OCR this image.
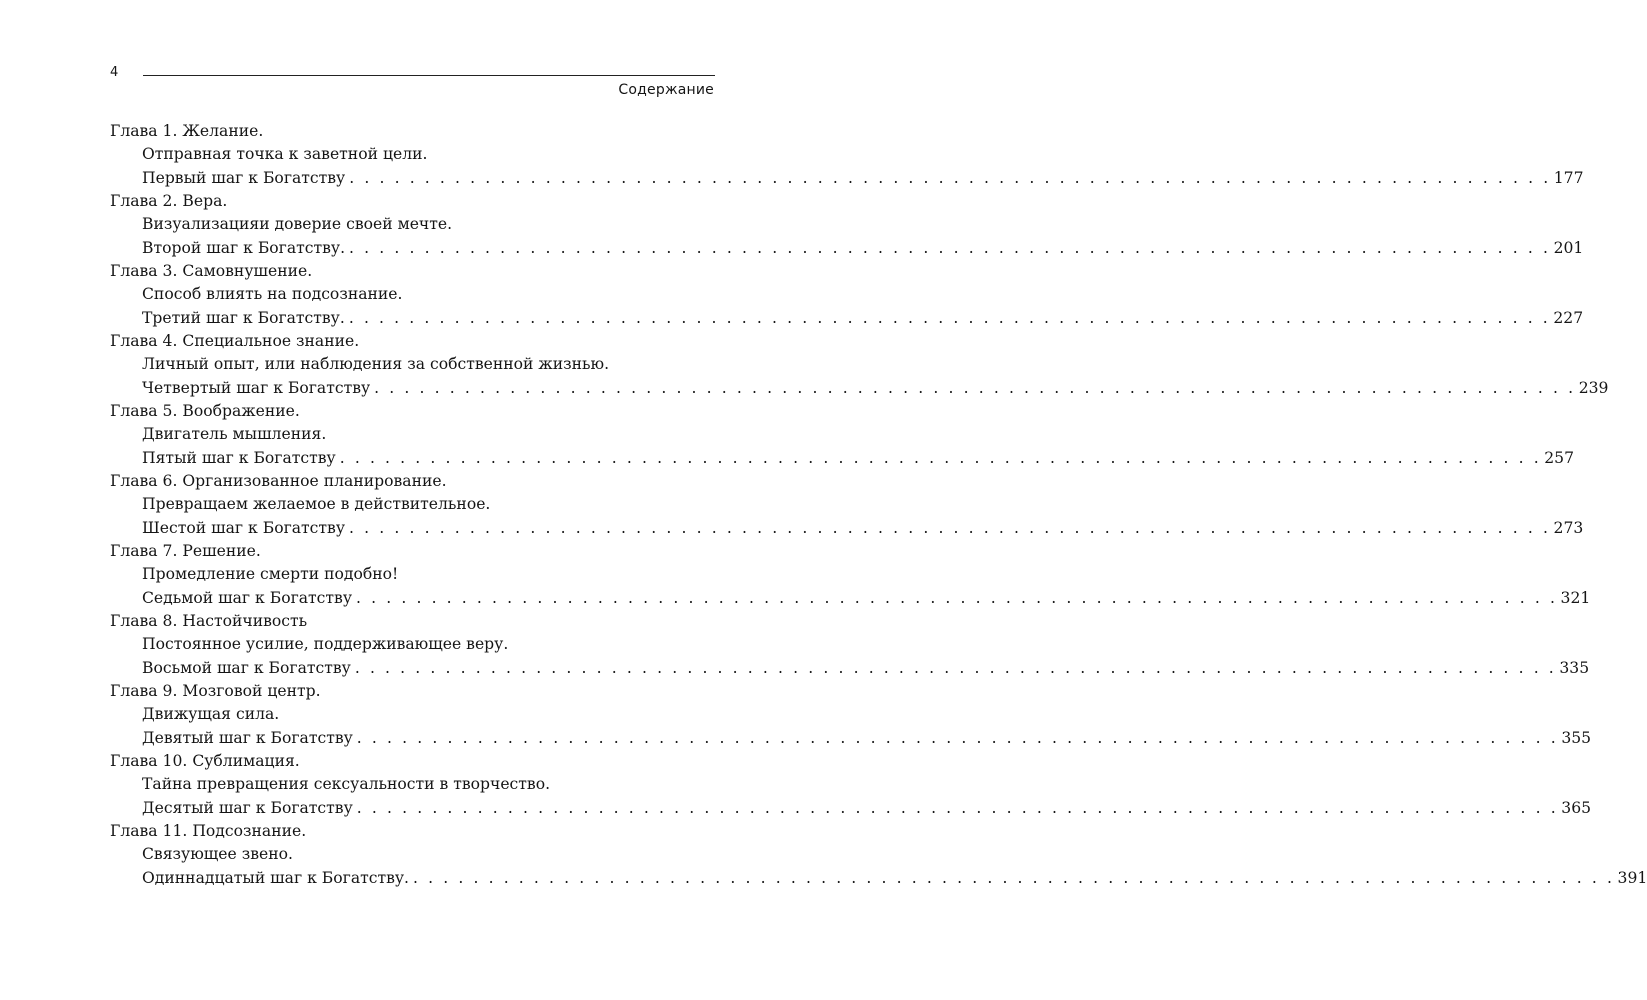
4
Содержание
Глава 1. Желание.
Отправная точка к заветной цели.
Первый шаг к Богатству . . . . . . . . . . . . . . . . . . . . . . . . . . . . . . . . . . . . . . . . . . . . . . . . . . . . . . . . . . . . . . . . . . . . . . . . . . . . . . . . 177
Глава 2. Вера.
Визуализацияи доверие своей мечте.
Второй шаг к Богатству. . . . . . . . . . . . . . . . . . . . . . . . . . . . . . . . . . . . . . . . . . . . . . . . . . . . . . . . . . . . . . . . . . . . . . . . . . . . . . . . . 201
Глава 3. Самовнушение.
Способ влиять на подсознание.
Третий шаг к Богатству. . . . . . . . . . . . . . . . . . . . . . . . . . . . . . . . . . . . . . . . . . . . . . . . . . . . . . . . . . . . . . . . . . . . . . . . . . . . . . . . . 227
Глава 4. Специальное знание.
Личный опыт, или наблюдения за собственной жизнью.
Четвертый шаг к Богатству . . . . . . . . . . . . . . . . . . . . . . . . . . . . . . . . . . . . . . . . . . . . . . . . . . . . . . . . . . . . . . . . . . . . . . . . . . . . . . . . 239
Глава 5. Воображение.
Двигатель мышления.
Пятый шаг к Богатству . . . . . . . . . . . . . . . . . . . . . . . . . . . . . . . . . . . . . . . . . . . . . . . . . . . . . . . . . . . . . . . . . . . . . . . . . . . . . . . . 257
Глава 6. Организованное планирование.
Превращаем желаемое в действительное.
Шестой шаг к Богатству . . . . . . . . . . . . . . . . . . . . . . . . . . . . . . . . . . . . . . . . . . . . . . . . . . . . . . . . . . . . . . . . . . . . . . . . . . . . . . . . 273
Глава 7. Решение.
Промедление смерти подобно!
Седьмой шаг к Богатству . . . . . . . . . . . . . . . . . . . . . . . . . . . . . . . . . . . . . . . . . . . . . . . . . . . . . . . . . . . . . . . . . . . . . . . . . . . . . . . . 321
Глава 8. Настойчивость
Постоянное усилие, поддерживающее веру.
Восьмой шаг к Богатству . . . . . . . . . . . . . . . . . . . . . . . . . . . . . . . . . . . . . . . . . . . . . . . . . . . . . . . . . . . . . . . . . . . . . . . . . . . . . . . . 335
Глава 9. Мозговой центр.
Движущая сила.
Девятый шаг к Богатству . . . . . . . . . . . . . . . . . . . . . . . . . . . . . . . . . . . . . . . . . . . . . . . . . . . . . . . . . . . . . . . . . . . . . . . . . . . . . . . . 355
Глава 10. Сублимация.
Тайна превращения сексуальности в творчество.
Десятый шаг к Богатству . . . . . . . . . . . . . . . . . . . . . . . . . . . . . . . . . . . . . . . . . . . . . . . . . . . . . . . . . . . . . . . . . . . . . . . . . . . . . . . . 365
Глава 11. Подсознание.
Связующее звено.
Одиннадцатый шаг к Богатству. . . . . . . . . . . . . . . . . . . . . . . . . . . . . . . . . . . . . . . . . . . . . . . . . . . . . . . . . . . . . . . . . . . . . . . . . . . . . . . . . 391
